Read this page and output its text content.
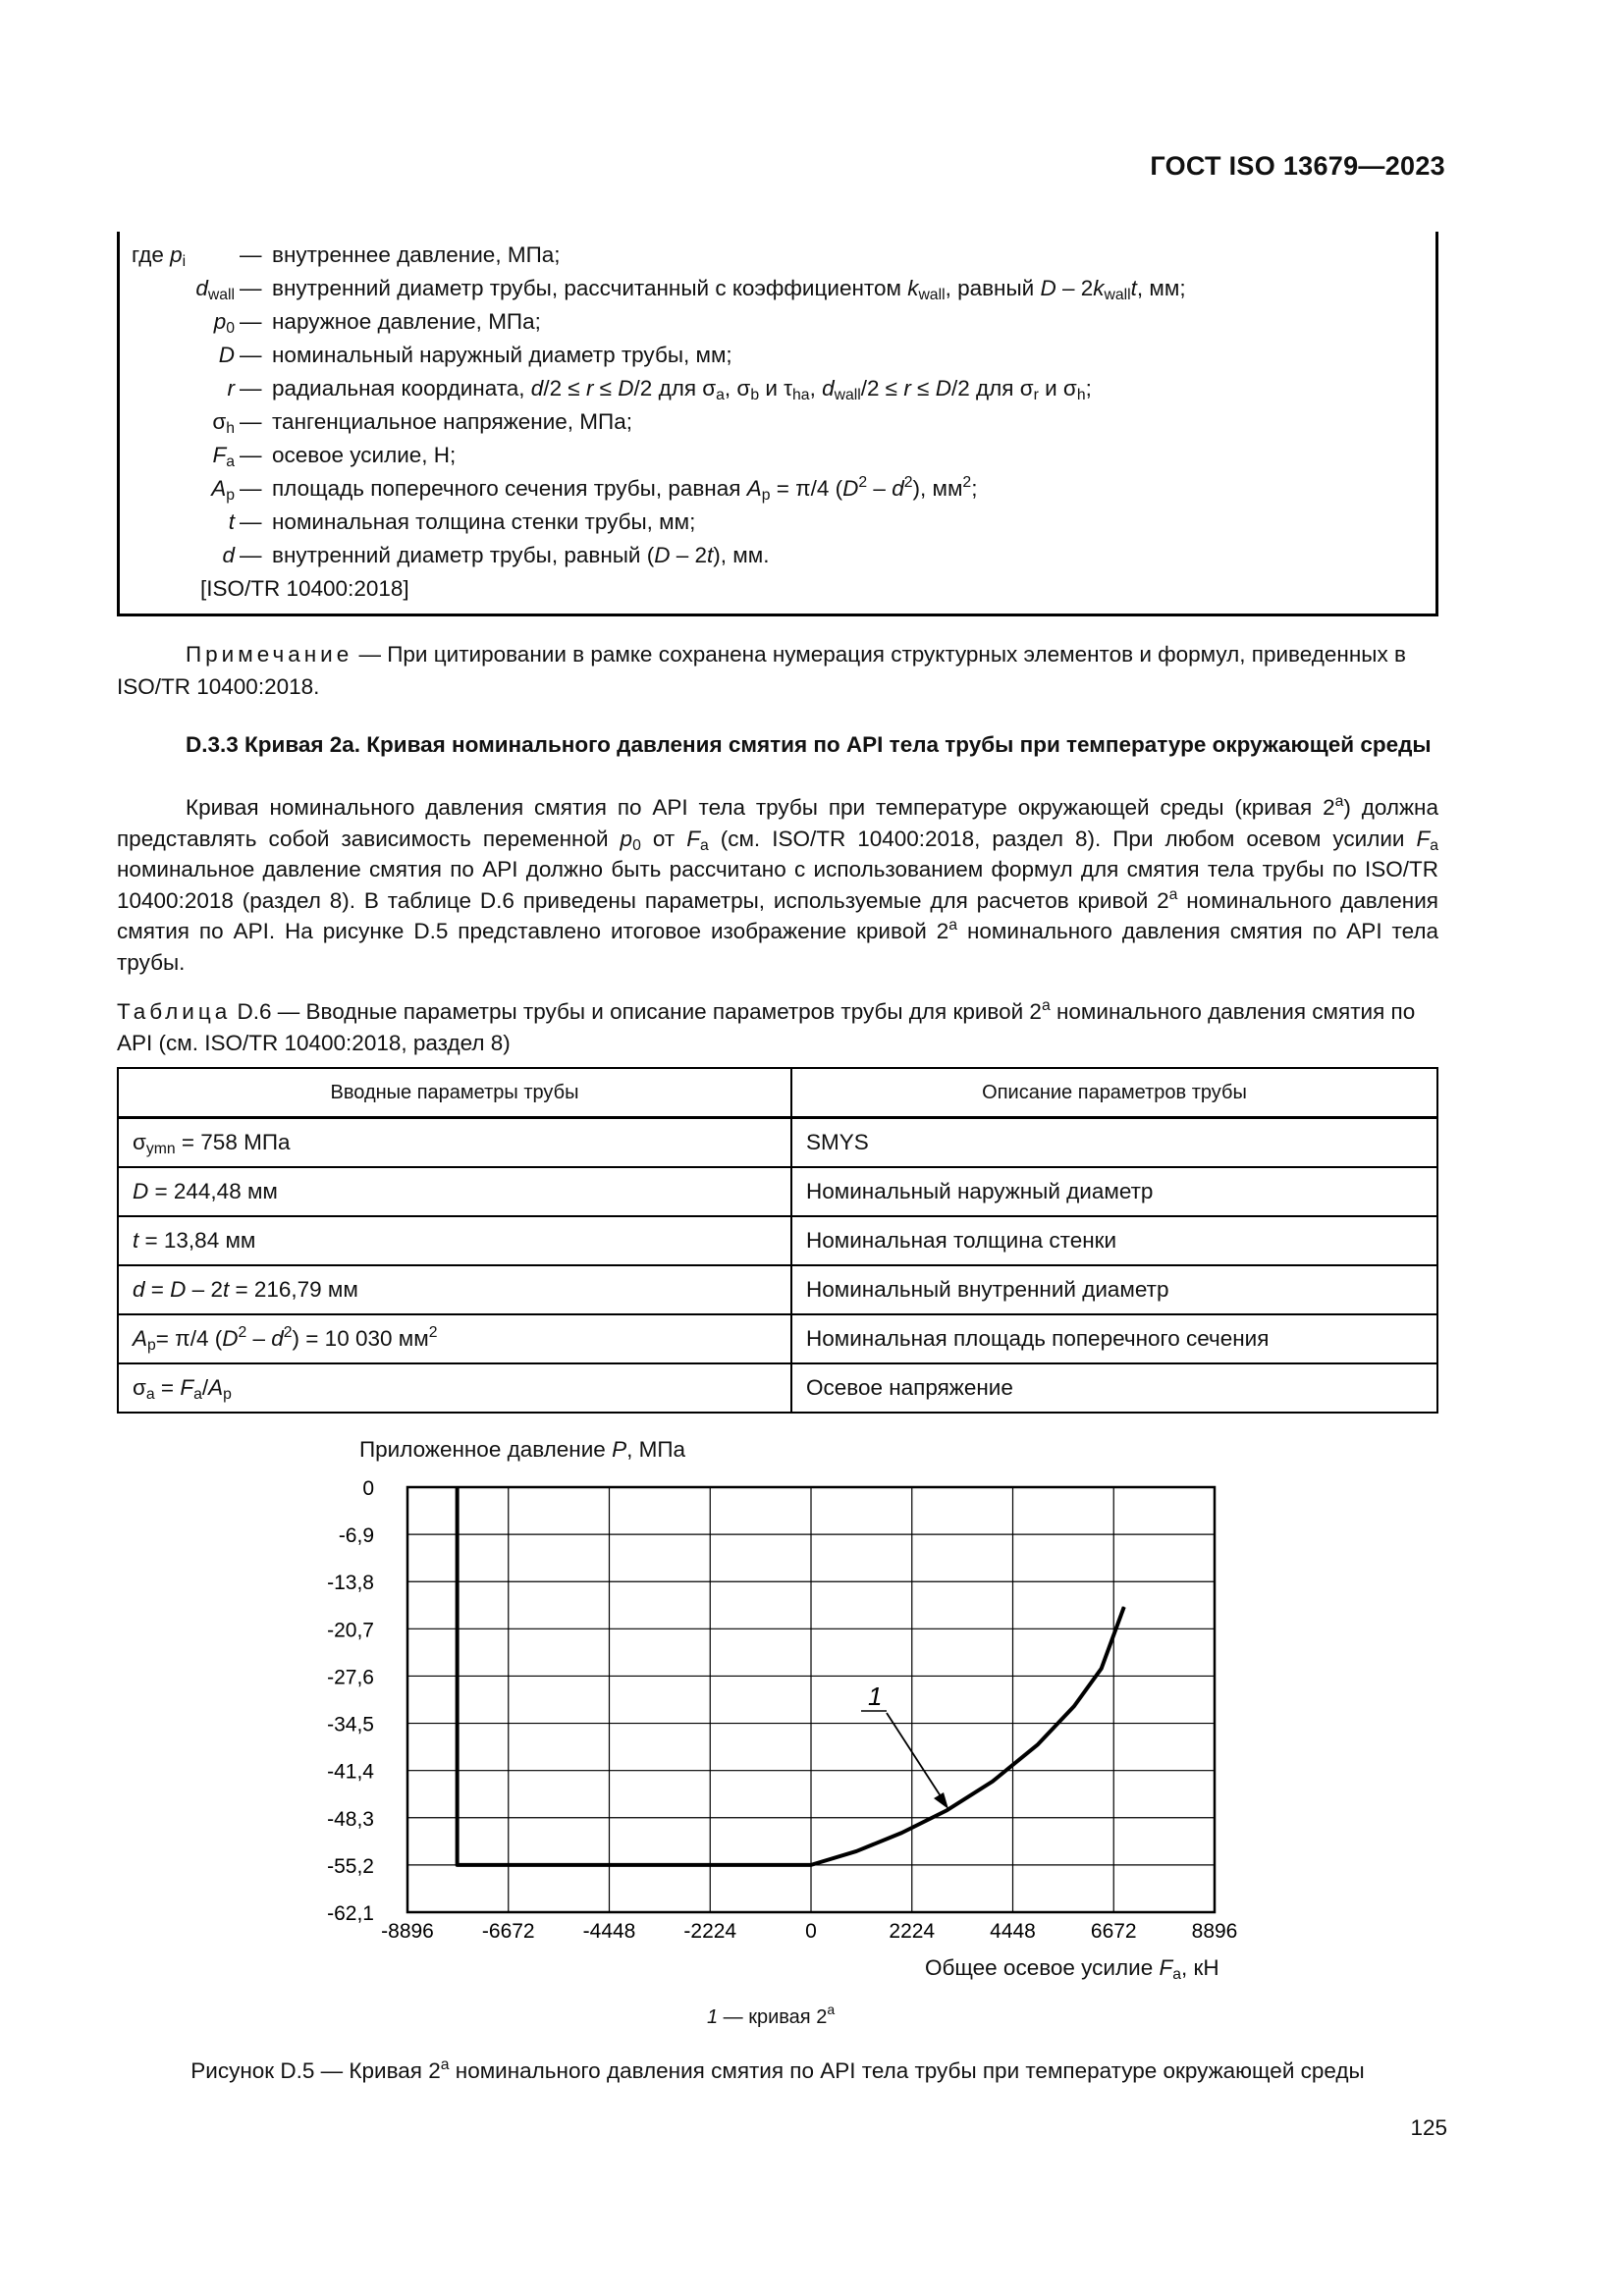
ГОСТ ISO 13679—2023
где $p_i$ — внутреннее давление, МПа;
$d_{wall}$ — внутренний диаметр трубы, рассчитанный с коэффициентом $k_{wall}$, равный D – $2k_{wall}t$, мм;
$p_0$ — наружное давление, МПа;
D — номинальный наружный диаметр трубы, мм;
r — радиальная координата, d/2 ≤ r ≤ D/2 для $\sigma_a$, $\sigma_b$ и $\tau_{ha}$, $d_{wall}/2 \le r \le D/2$ для $\sigma_r$ и $\sigma_h$;
$\sigma_h$ — тангенциальное напряжение, МПа;
$F_a$ — осевое усилие, Н;
$A_p$ — площадь поперечного сечения трубы, равная $A_p = \pi/4$ $(D^2 - d^2)$, $мм^2$;
t — номинальная толщина стенки трубы, мм;
d — внутренний диаметр трубы, равный (D – 2t), мм.
[ISO/TR 10400:2018]
Примечание — При цитировании в рамке сохранена нумерация структурных элементов и формул, приведенных в ISO/TR 10400:2018.
D.3.3 Кривая 2а. Кривая номинального давления смятия по API тела трубы при температуре окружающей среды
Кривая номинального давления смятия по API тела трубы при температуре окружающей среды (кривая $2^а$) должна представлять собой зависимость переменной $p_0$ от $F_a$ (см. ISO/TR 10400:2018, раздел 8). При любом осевом усилии $F_a$ номинальное давление смятия по API должно быть рассчитано с использованием формул для смятия тела трубы по ISO/TR 10400:2018 (раздел 8). В таблице D.6 приведены параметры, используемые для расчетов кривой $2^а$ номинального давления смятия по API. На рисунке D.5 представлено итоговое изображение кривой $2^а$ номинального давления смятия по API тела трубы.
Таблица D.6 — Вводные параметры трубы и описание параметров трубы для кривой $2^а$ номинального давления смятия по API (см. ISO/TR 10400:2018, раздел 8)
Вводные параметры трубы	Описание параметров трубы
$\sigma_{ymn} = 758$ МПа	SMYS
D = 244,48 мм	Номинальный наружный диаметр
t = 13,84 мм	Номинальная толщина стенки
d = D – 2t = 216,79 мм	Номинальный внутренний диаметр
$A_p= \pi/4$ $(D^2 - d^2) = 10$ 030 $мм^2$	Номинальная площадь поперечного сечения
$\sigma_a = F_a/A_p$	Осевое напряжение
Приложенное давление P, МПа
-8896 -6672 -4448 -2224	0	2224	4448	6672	8896
0
-6,9
-13,8
-20,7
-27,6
-34,5
-41,4
-48,3
-55,2
-62,1
1
Общее осевое усилие $F_a$, кН
1 — кривая $2^а$
Рисунок D.5 — Кривая $2^а$ номинального давления смятия по API тела трубы при температуре окружающей среды
125
